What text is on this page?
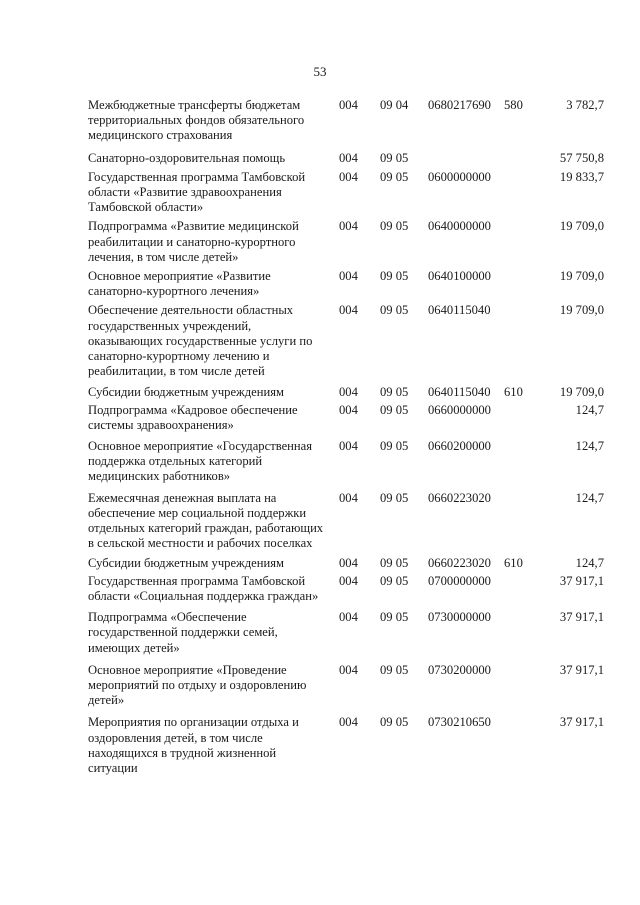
53
Межбюджетные трансферты бюджетам территориальных фондов обязательного медицинского страхования
004 09 04 0680217690 580	3 782,7
Санаторно-оздоровительная помощь	004 09 05	57 750,8
Государственная программа Тамбовской области «Развитие здравоохранения Тамбовской области»
004 09 05 0600000000	19 833,7
Подпрограмма «Развитие медицинской реабилитации и санаторно-курортного лечения, в том числе детей»
004 09 05 0640000000	19 709,0
Основное мероприятие «Развитие санаторно-курортного лечения»
004 09 05 0640100000	19 709,0
Обеспечение деятельности областных государственных учреждений, оказывающих государственные услуги по санаторно-курортному лечению и реабилитации, в том числе детей
004 09 05 0640115040	19 709,0
Субсидии бюджетным учреждениям	004 09 05 0640115040 610	19 709,0
Подпрограмма «Кадровое обеспечение системы здравоохранения»
004 09 05 0660000000	124,7
Основное мероприятие «Государственная поддержка отдельных категорий медицинских работников»
004 09 05 0660200000	124,7
Ежемесячная денежная выплата на обеспечение мер социальной поддержки отдельных категорий граждан, работающих в сельской местности и рабочих поселках
004 09 05 0660223020	124,7
Субсидии бюджетным учреждениям	004 09 05 0660223020 610	124,7
Государственная программа Тамбовской области «Социальная поддержка граждан»
004 09 05 0700000000	37 917,1
Подпрограмма «Обеспечение государственной поддержки семей, имеющих детей»
004 09 05 0730000000	37 917,1
Основное мероприятие «Проведение мероприятий по отдыху и оздоровлению детей»
004 09 05 0730200000	37 917,1
Мероприятия по организации отдыха и оздоровления детей, в том числе находящихся в трудной жизненной ситуации
004 09 05 0730210650	37 917,1
